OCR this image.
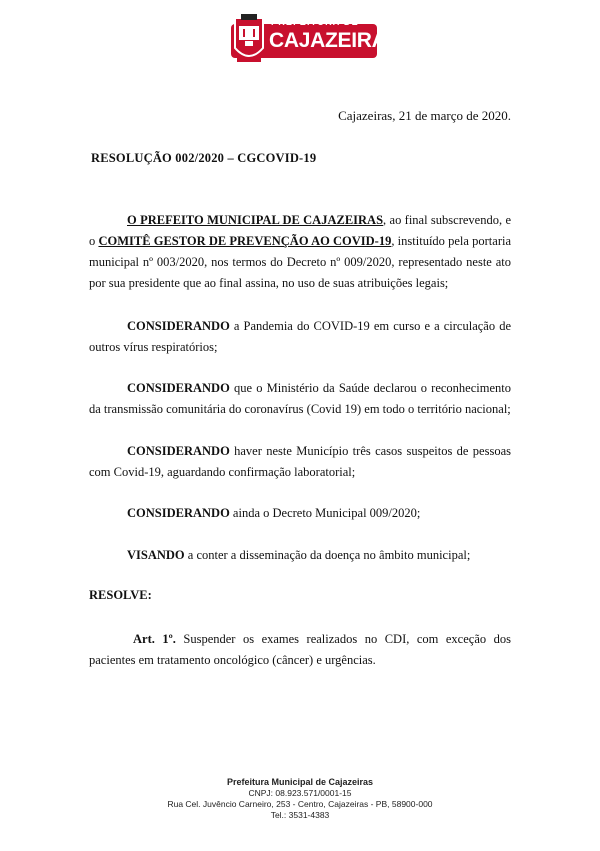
PREFEITURA DE
CAJAZEIRAS
Cajazeiras, 21 de março de 2020.
RESOLUÇÃO 002/2020 – CGCOVID-19
O PREFEITO MUNICIPAL DE CAJAZEIRAS, ao final subscrevendo, e o COMITÊ GESTOR DE PREVENÇÃO AO COVID-19, instituído pela portaria municipal nº 003/2020, nos termos do Decreto nº 009/2020, representado neste ato por sua presidente que ao final assina, no uso de suas atribuições legais;
CONSIDERANDO a Pandemia do COVID-19 em curso e a circulação de outros vírus respiratórios;
CONSIDERANDO que o Ministério da Saúde declarou o reconhecimento da transmissão comunitária do coronavírus (Covid 19) em todo o território nacional;
CONSIDERANDO haver neste Município três casos suspeitos de pessoas com Covid-19, aguardando confirmação laboratorial;
CONSIDERANDO ainda o Decreto Municipal 009/2020;
VISANDO a conter a disseminação da doença no âmbito municipal;
RESOLVE:
Art. 1º. Suspender os exames realizados no CDI, com exceção dos pacientes em tratamento oncológico (câncer) e urgências.
Prefeitura Municipal de Cajazeiras
CNPJ: 08.923.571/0001-15
Rua Cel. Juvêncio Carneiro, 253 - Centro, Cajazeiras - PB, 58900-000
Tel.: 3531-4383
